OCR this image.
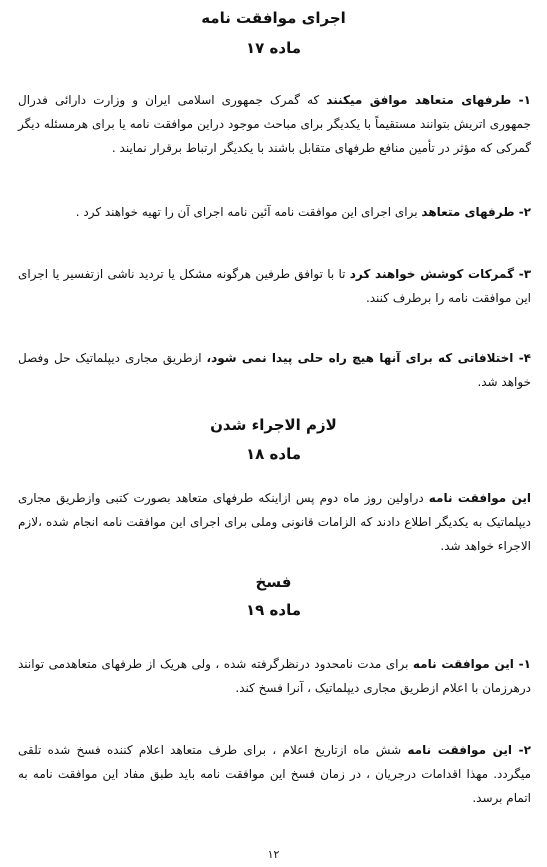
اجرای موافقت نامه
ماده ۱۷
۱- طرفهای متعاهد موافق میکنند که گمرک جمهوری اسلامی ایران و وزارت دارائی فدرال جمهوری اتریش بتوانند مستقیماً با یکدیگر برای مباحث موجود دراین موافقت نامه یا برای هرمسئله دیگر گمرکی که مؤثر در تأمین منافع طرفهای متقابل باشند با یکدیگر ارتباط برقرار نمایند .
۲- طرفهای متعاهد برای اجرای این موافقت نامه آئین نامه اجرای آن را تهیه خواهند کرد .
۳- گمرکات کوشش خواهند کرد تا با توافق طرفین هرگونه مشکل یا تردید ناشی ازتفسیر یا اجرای این موافقت نامه را برطرف کنند.
۴- اختلافاتی که برای آنها هیچ راه حلی پیدا نمی شود، ازطریق مجاری دیپلماتیک حل وفصل خواهد شد.
لازم الاجراء شدن
ماده ۱۸
این موافقت نامه دراولین روز ماه دوم پس ازاینکه طرفهای متعاهد بصورت کتبی وازطریق مجاری دیپلماتیک به یکدیگر اطلاع دادند که الزامات قانونی وملی برای اجرای این موافقت نامه انجام شده ،لازم الاجراء خواهد شد.
فسخ
ماده ۱۹
۱- این موافقت نامه برای مدت نامحدود درنظرگرفته شده ، ولی هریک از طرفهای متعاهدمی توانند درهرزمان با اعلام ازطریق مجاری دیپلماتیک ، آنرا فسخ کند.
۲- این موافقت نامه شش ماه ازتاریخ اعلام ، برای طرف متعاهد اعلام کننده فسخ شده تلقی میگردد. مهذا اقدامات درجریان ، در زمان فسخ این موافقت نامه باید طبق مفاد این موافقت نامه به اتمام برسد.
۱۲
